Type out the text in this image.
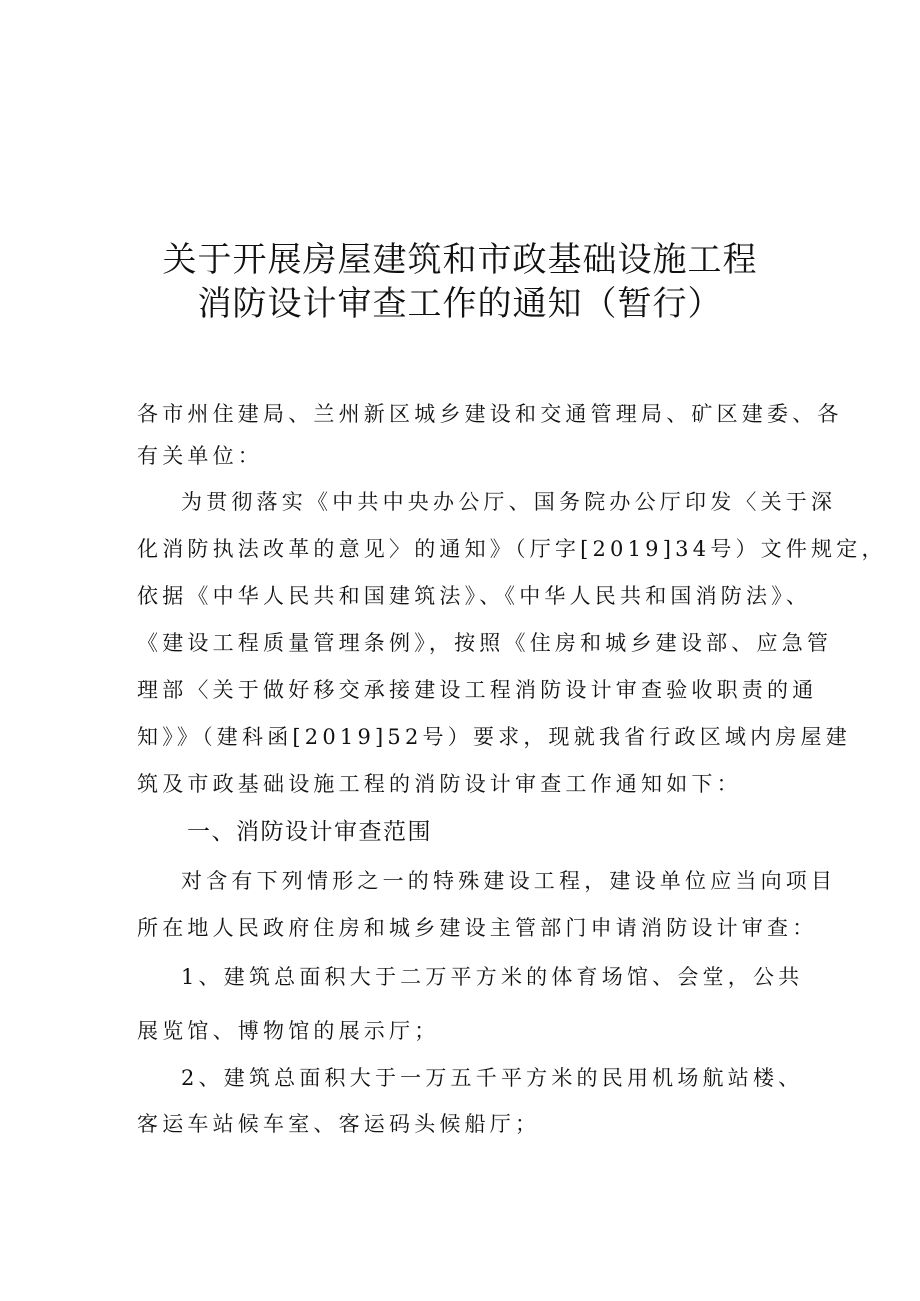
关于开展房屋建筑和市政基础设施工程
消防设计审查工作的通知（暂行）
各市州住建局、兰州新区城乡建设和交通管理局、矿区建委、各
有关单位：
为贯彻落实《中共中央办公厅、国务院办公厅印发〈关于深
化消防执法改革的意见〉的通知》（厅字[2019]34号）文件规定，
依据《中华人民共和国建筑法》、《中华人民共和国消防法》、
《建设工程质量管理条例》，按照《住房和城乡建设部、应急管
理部〈关于做好移交承接建设工程消防设计审查验收职责的通
知》》（建科函[2019]52号）要求，现就我省行政区域内房屋建
筑及市政基础设施工程的消防设计审查工作通知如下：
一、消防设计审查范围
对含有下列情形之一的特殊建设工程，建设单位应当向项目
所在地人民政府住房和城乡建设主管部门申请消防设计审查：
1、建筑总面积大于二万平方米的体育场馆、会堂，公共
展览馆、博物馆的展示厅；
2、建筑总面积大于一万五千平方米的民用机场航站楼、
客运车站候车室、客运码头候船厅；
